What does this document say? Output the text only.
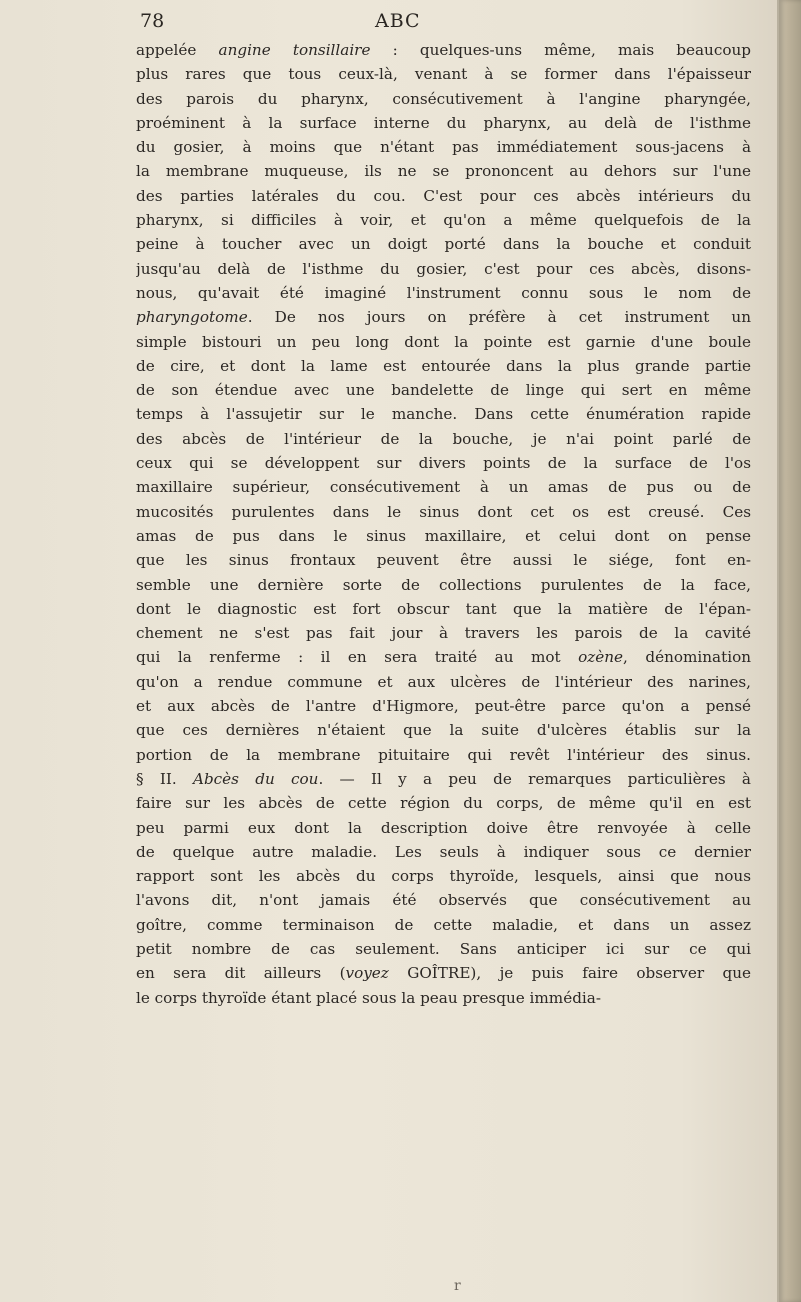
78	ABC
appelée angine tonsillaire : quelques-uns même, mais beaucoup
plus rares que tous ceux-là, venant à se former dans l'épaisseur
des parois du pharynx, consécutivement à l'angine pharyngée,
proéminent à la surface interne du pharynx, au delà de l'isthme
du gosier, à moins que n'étant pas immédiatement sous-jacens à
la membrane muqueuse, ils ne se prononcent au dehors sur l'une
des parties latérales du cou. C'est pour ces abcès intérieurs du
pharynx, si difficiles à voir, et qu'on a même quelquefois de la
peine à toucher avec un doigt porté dans la bouche et conduit
jusqu'au delà de l'isthme du gosier, c'est pour ces abcès, disons-
nous, qu'avait été imaginé l'instrument connu sous le nom de
pharyngotome. De nos jours on préfère à cet instrument un
simple bistouri un peu long dont la pointe est garnie d'une boule
de cire, et dont la lame est entourée dans la plus grande partie
de son étendue avec une bandelette de linge qui sert en même
temps à l'assujetir sur le manche. Dans cette énumération rapide
des abcès de l'intérieur de la bouche, je n'ai point parlé de
ceux qui se développent sur divers points de la surface de l'os
maxillaire supérieur, consécutivement à un amas de pus ou de
mucosités purulentes dans le sinus dont cet os est creusé. Ces
amas de pus dans le sinus maxillaire, et celui dont on pense
que les sinus frontaux peuvent être aussi le siége, font en-
semble une dernière sorte de collections purulentes de la face,
dont le diagnostic est fort obscur tant que la matière de l'épan-
chement ne s'est pas fait jour à travers les parois de la cavité
qui la renferme : il en sera traité au mot ozène, dénomination
qu'on a rendue commune et aux ulcères de l'intérieur des narines,
et aux abcès de l'antre d'Higmore, peut-être parce qu'on a pensé
que ces dernières n'étaient que la suite d'ulcères établis sur la
portion de la membrane pituitaire qui revêt l'intérieur des sinus.
§ II. Abcès du cou. — Il y a peu de remarques particulières à
faire sur les abcès de cette région du corps, de même qu'il en est
peu parmi eux dont la description doive être renvoyée à celle
de quelque autre maladie. Les seuls à indiquer sous ce dernier
rapport sont les abcès du corps thyroïde, lesquels, ainsi que nous
l'avons dit, n'ont jamais été observés que consécutivement au
goître, comme terminaison de cette maladie, et dans un assez
petit nombre de cas seulement. Sans anticiper ici sur ce qui
en sera dit ailleurs (voyez GOÎTRE), je puis faire observer que
le corps thyroïde étant placé sous la peau presque immédia-
r
